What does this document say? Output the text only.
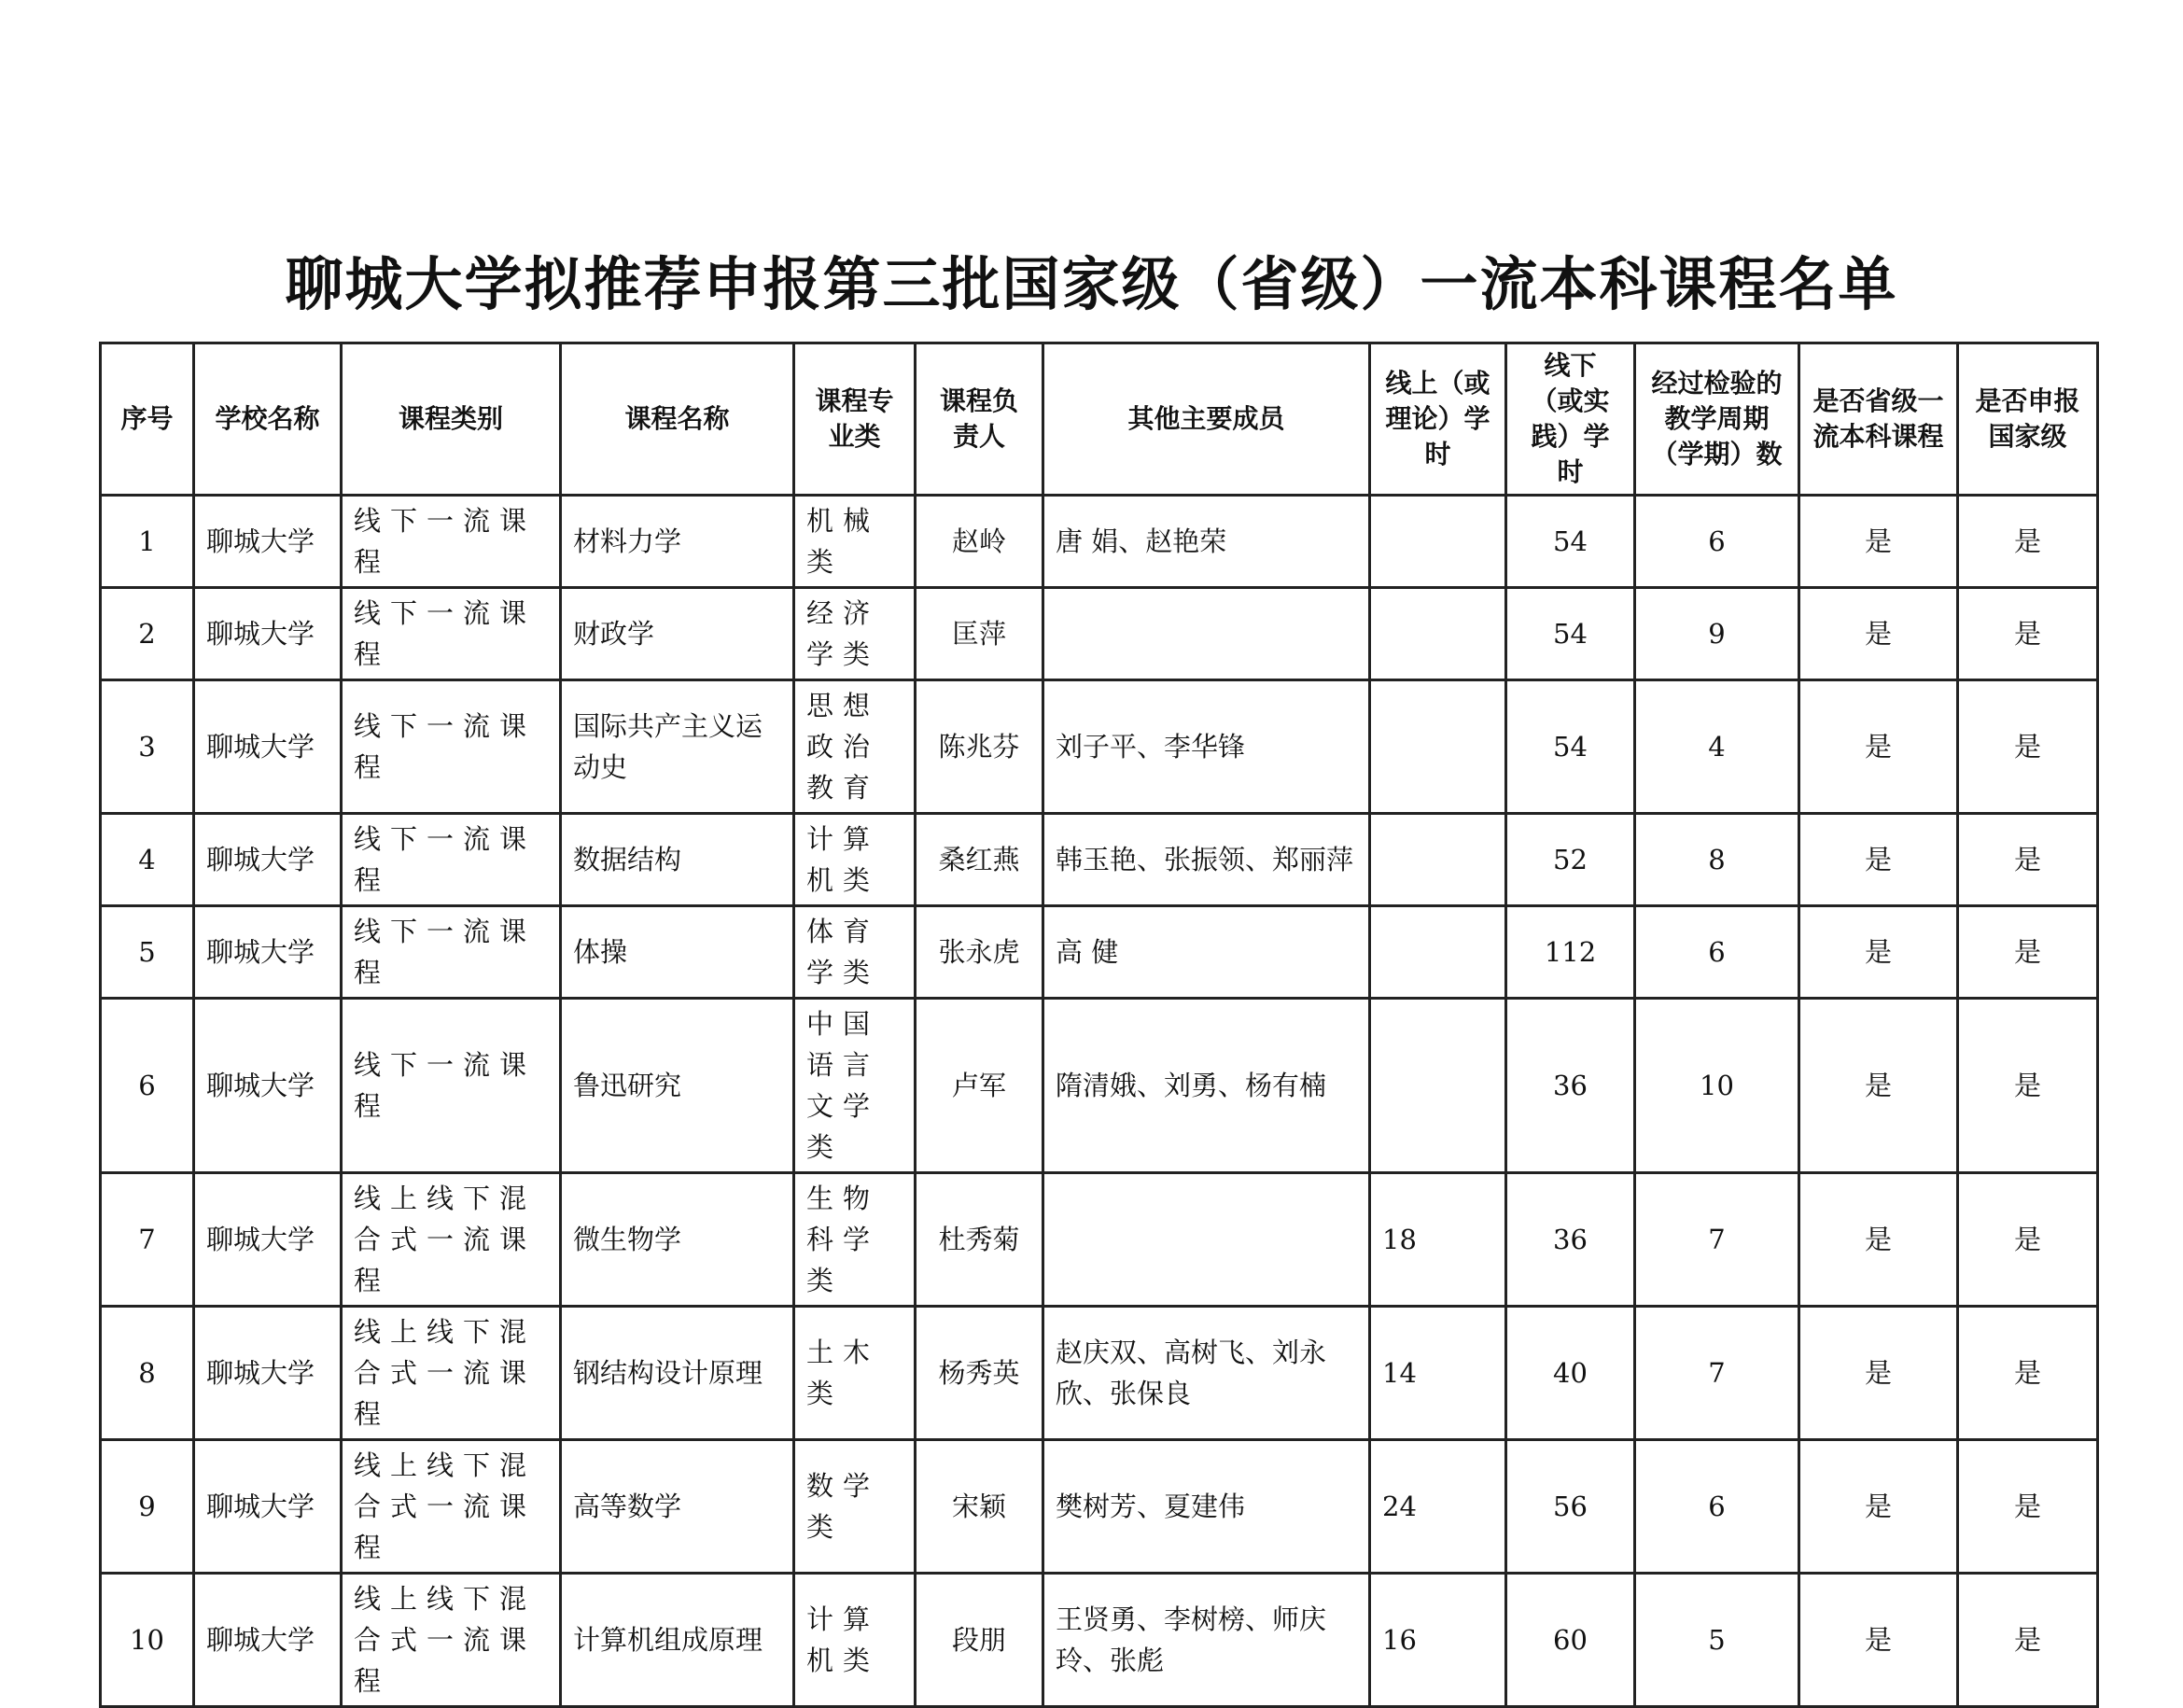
聊城大学拟推荐申报第三批国家级（省级）一流本科课程名单
序号	学校名称	课程类别	课程名称	课程专业类	课程负责人	其他主要成员	线上（或理论）学时	线下（或实践）学时	经过检验的教学周期（学期）数	是否省级一流本科课程	是否申报国家级
1	聊城大学	线下一流课程	材料力学	机械类	赵岭	唐 娟、赵艳荣		54	6	是	是
2	聊城大学	线下一流课程	财政学	经济学类	匡萍			54	9	是	是
3	聊城大学	线下一流课程	国际共产主义运动史	思想政治教育	陈兆芬	刘子平、李华锋		54	4	是	是
4	聊城大学	线下一流课程	数据结构	计算机类	桑红燕	韩玉艳、张振领、郑丽萍		52	8	是	是
5	聊城大学	线下一流课程	体操	体育学类	张永虎	高 健		112	6	是	是
6	聊城大学	线下一流课程	鲁迅研究	中国语言文学类	卢军	隋清娥、刘勇、杨有楠		36	10	是	是
7	聊城大学	线上线下混合式一流课程	微生物学	生物科学类	杜秀菊		18	36	7	是	是
8	聊城大学	线上线下混合式一流课程	钢结构设计原理	土木类	杨秀英	赵庆双、高树飞、刘永欣、张保良	14	40	7	是	是
9	聊城大学	线上线下混合式一流课程	高等数学	数学类	宋颖	樊树芳、夏建伟	24	56	6	是	是
10	聊城大学	线上线下混合式一流课程	计算机组成原理	计算机类	段朋	王贤勇、李树榜、师庆玲、张彪	16	60	5	是	是
